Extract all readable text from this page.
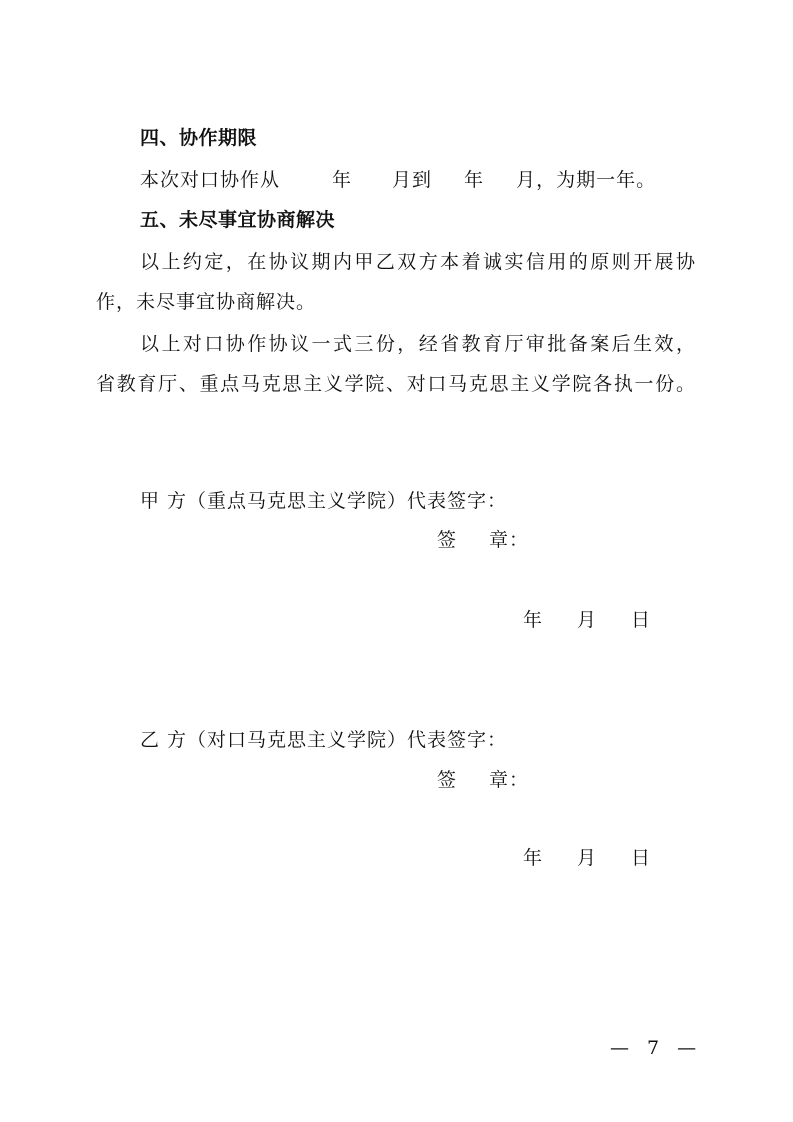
四、协作期限
本次对口协作从	年 月到 年 月，为期一年。
五、未尽事宜协商解决
以上约定，在协议期内甲乙双方本着诚实信用的原则开展协
作，未尽事宜协商解决。
以上对口协作协议一式三份，经省教育厅审批备案后生效，
省教育厅、重点马克思主义学院、对口马克思主义学院各执一份。
甲 方（重点马克思主义学院）代表签字：
签 章：
年 月 日
乙 方（对口马克思主义学院）代表签字：
签 章：
年 月 日
— 7 —
